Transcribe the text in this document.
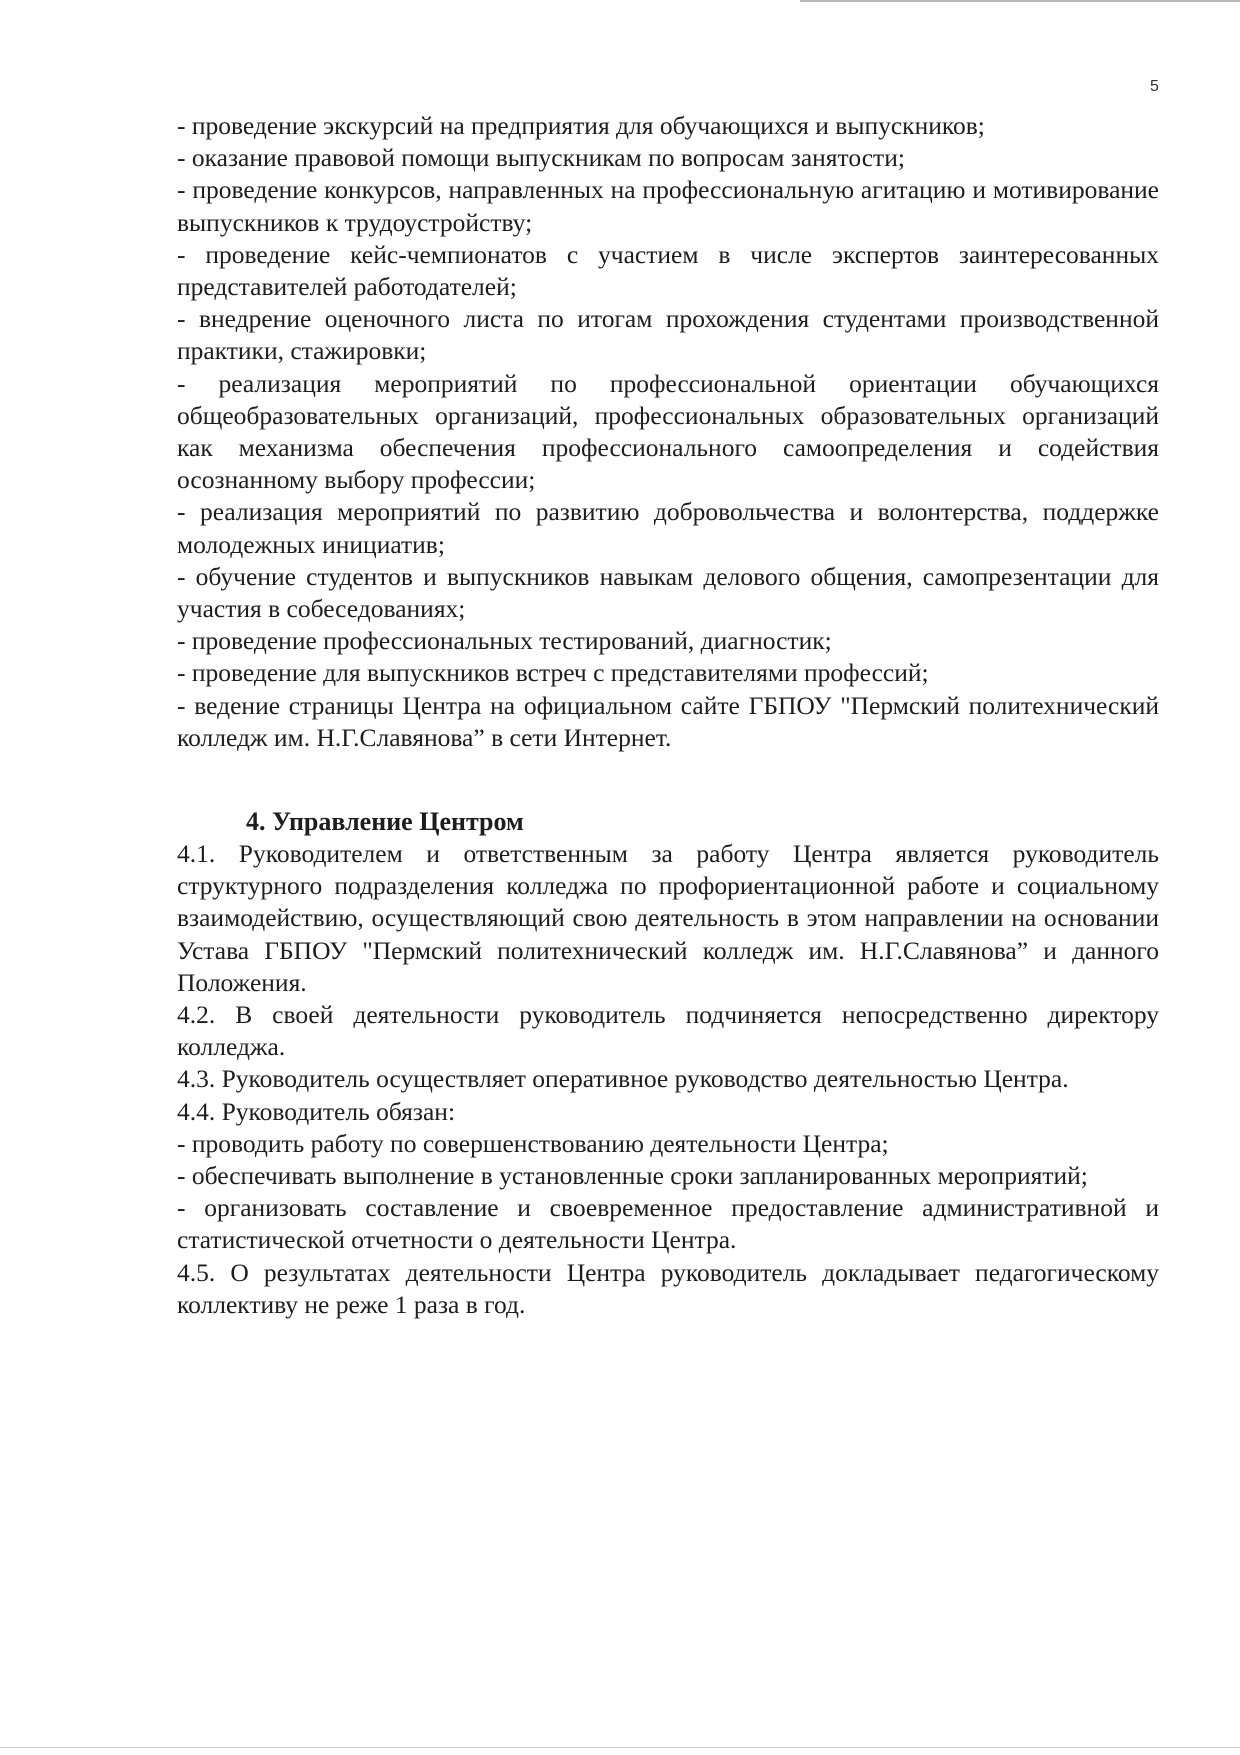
5

- проведение экскурсий на предприятия для обучающихся и выпускников;

- оказание правовой помощи выпускникам по вопросам занятости;

- проведение конкурсов, направленных на профессиональную агитацию и мотивирование выпускников к трудоустройству;

- проведение кейс-чемпионатов с участием в числе экспертов заинтересованных представителей работодателей;

- внедрение оценочного листа по итогам прохождения студентами производственной практики, стажировки;

- реализация мероприятий по профессиональной ориентации обучающихся общеобразовательных организаций, профессиональных образовательных организаций как механизма обеспечения профессионального самоопределения и содействия осознанному выбору профессии;

- реализация мероприятий по развитию добровольчества и волонтерства, поддержке молодежных инициатив;

- обучение студентов и выпускников навыкам делового общения, самопрезентации для участия в собеседованиях;

- проведение профессиональных тестирований, диагностик;

- проведение для выпускников встреч с представителями профессий;

- ведение страницы Центра на официальном сайте ГБПОУ "Пермский политехнический колледж им. Н.Г.Славянова” в сети Интернет.

4. Управление Центром

4.1. Руководителем и ответственным за работу Центра является руководитель структурного подразделения колледжа по профориентационной работе и социальному взаимодействию, осуществляющий свою деятельность в этом направлении на основании Устава ГБПОУ "Пермский политехнический колледж им. Н.Г.Славянова” и данного Положения.

4.2. В своей деятельности руководитель подчиняется непосредственно директору колледжа.

4.3. Руководитель осуществляет оперативное руководство деятельностью Центра.

4.4. Руководитель обязан:

- проводить работу по совершенствованию деятельности Центра;

- обеспечивать выполнение в установленные сроки запланированных мероприятий;

- организовать составление и своевременное предоставление административной и статистической отчетности о деятельности Центра.

4.5. О результатах деятельности Центра руководитель докладывает педагогическому коллективу не реже 1 раза в год.
